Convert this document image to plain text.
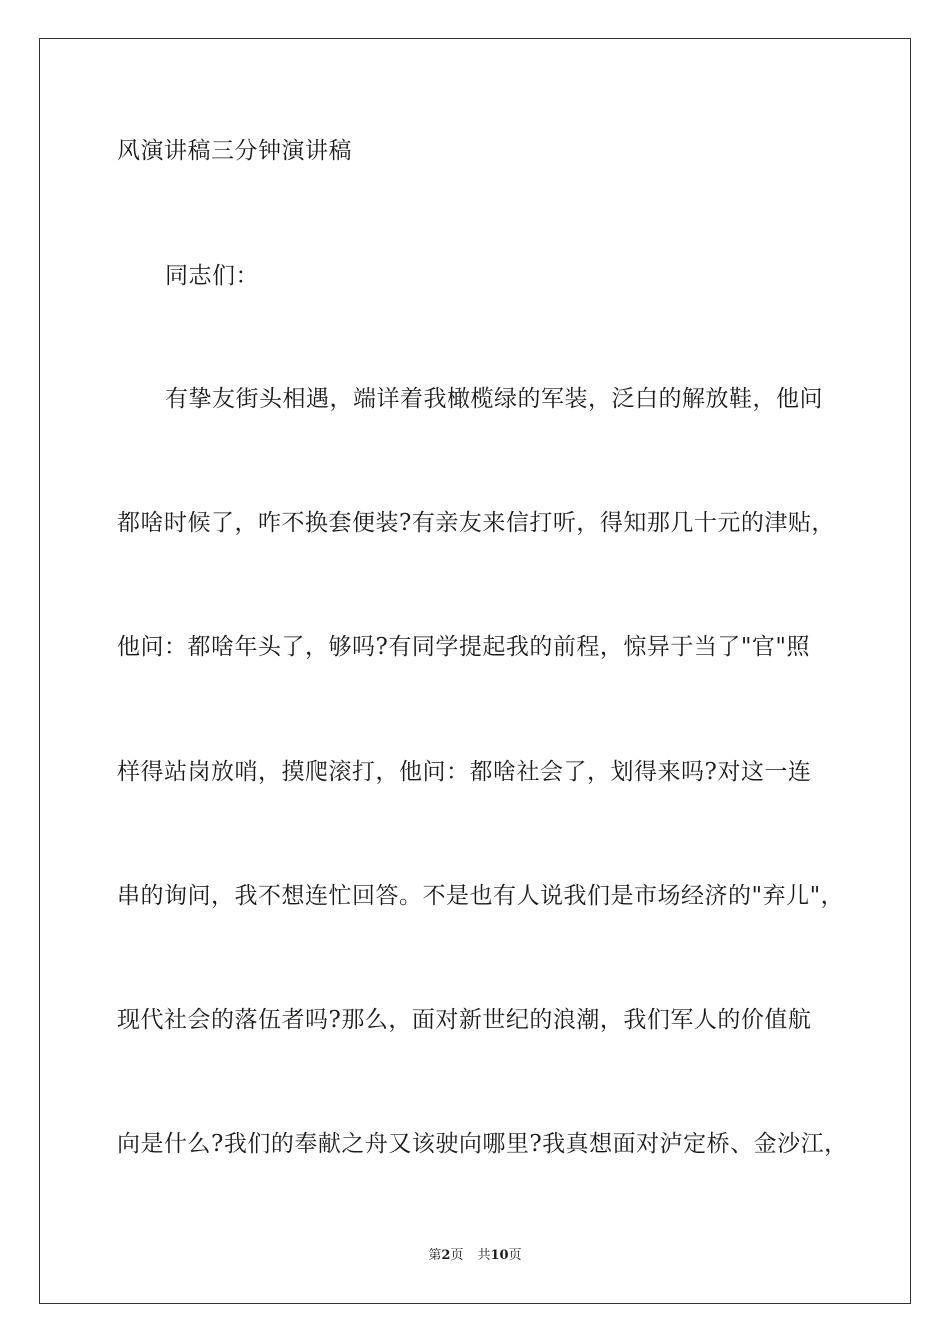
风演讲稿三分钟演讲稿
同志们：
有挚友街头相遇，端详着我橄榄绿的军装，泛白的解放鞋，他问
都啥时候了，咋不换套便装?有亲友来信打听，得知那几十元的津贴，
他问：都啥年头了，够吗?有同学提起我的前程，惊异于当了"官"照
样得站岗放哨，摸爬滚打，他问：都啥社会了，划得来吗?对这一连
串的询问，我不想连忙回答。不是也有人说我们是市场经济的"弃儿"，
现代社会的落伍者吗?那么，面对新世纪的浪潮，我们军人的价值航
向是什么?我们的奉献之舟又该驶向哪里?我真想面对泸定桥、金沙江，
第2页 共10页
